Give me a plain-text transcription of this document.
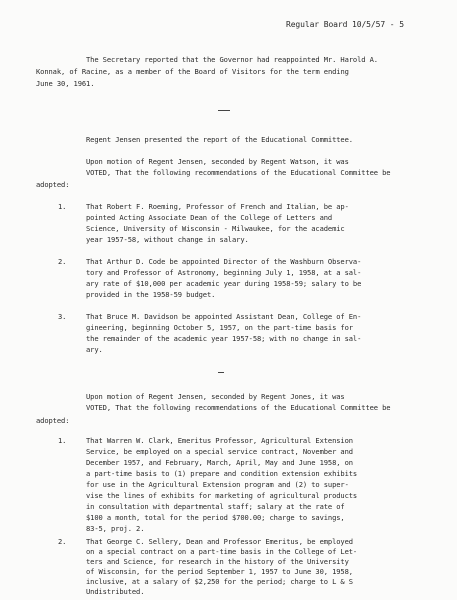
Regular Board 10/5/57 - 5

The Secretary reported that the Governor had reappointed Mr. Harold A.

Konnak, of Racine, as a member of the Board of Visitors for the term ending

June 30, 1961.

Regent Jensen presented the report of the Educational Committee.

Upon motion of Regent Jensen, seconded by Regent Watson, it was

VOTED, That the following recommendations of the Educational Committee be

adopted:

1.	That Robert F. Roeming, Professor of French and Italian, be ap-

pointed Acting Associate Dean of the College of Letters and

Science, University of Wisconsin - Milwaukee, for the academic

year 1957-58, without change in salary.

2.	That Arthur D. Code be appointed Director of the Washburn Observa-

tory and Professor of Astronomy, beginning July 1, 1958, at a sal-

ary rate of $10,000 per academic year during 1958-59; salary to be

provided in the 1958-59 budget.

3.	That Bruce M. Davidson be appointed Assistant Dean, College of En-

gineering, beginning October 5, 1957, on the part-time basis for

the remainder of the academic year 1957-58; with no change in sal-

ary.

Upon motion of Regent Jensen, seconded by Regent Jones, it was

VOTED, That the following recommendations of the Educational Committee be

adopted:

1.	That Warren W. Clark, Emeritus Professor, Agricultural Extension

Service, be employed on a special service contract, November and

December 1957, and February, March, April, May and June 1958, on

a part-time basis to (1) prepare and condition extension exhibits

for use in the Agricultural Extension program and (2) to super-

vise the lines of exhibits for marketing of agricultural products

in consultation with departmental staff; salary at the rate of

$100 a month, total for the period $700.00; charge to savings,

83-5, proj. 2.

2.	That George C. Sellery, Dean and Professor Emeritus, be employed

on a special contract on a part-time basis in the College of Let-

ters and Science, for research in the history of the University

of Wisconsin, for the period September 1, 1957 to June 30, 1958,

inclusive, at a salary of $2,250 for the period; charge to L & S

Undistributed.
